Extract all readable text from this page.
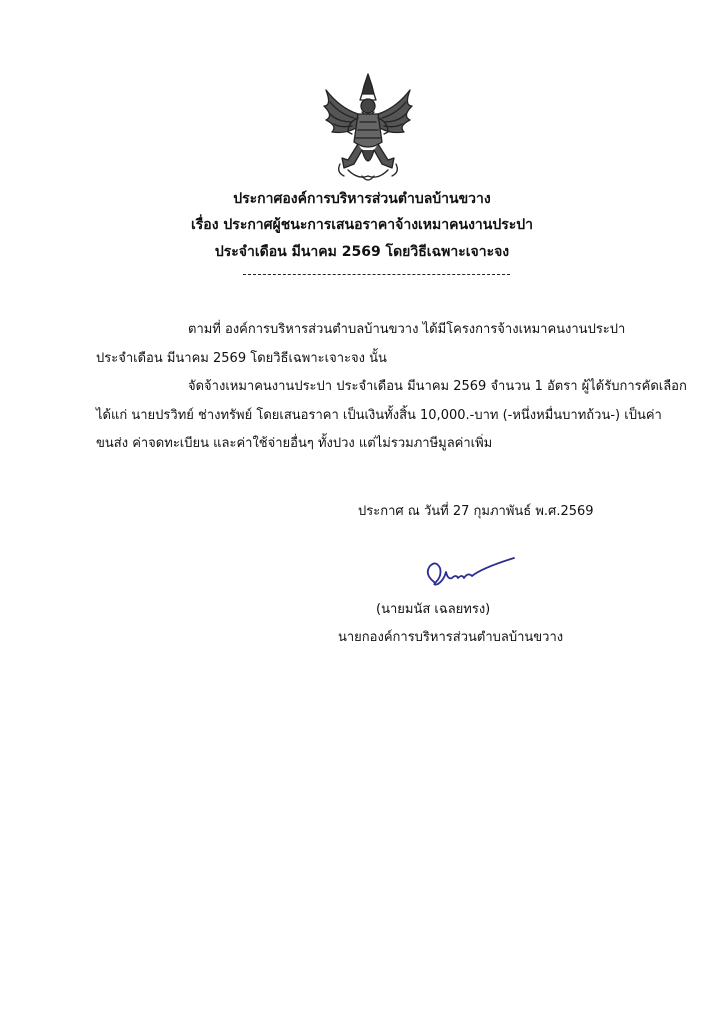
ประกาศองค์การบริหารส่วนตำบลบ้านขวาง
เรื่อง ประกาศผู้ชนะการเสนอราคาจ้างเหมาคนงานประปา
ประจำเดือน มีนาคม 2569 โดยวิธีเฉพาะเจาะจง
ตามที่ องค์การบริหารส่วนตำบลบ้านขวาง ได้มีโครงการจ้างเหมาคนงานประปา
ประจำเดือน มีนาคม 2569 โดยวิธีเฉพาะเจาะจง นั้น
จัดจ้างเหมาคนงานประปา ประจำเดือน มีนาคม 2569 จำนวน 1 อัตรา ผู้ได้รับการคัดเลือก
ได้แก่ นายปรวิทย์ ช่างทรัพย์ โดยเสนอราคา เป็นเงินทั้งสิ้น 10,000.-บาท (-หนึ่งหมื่นบาทถ้วน-) เป็นค่า
ขนส่ง ค่าจดทะเบียน และค่าใช้จ่ายอื่นๆ ทั้งปวง แต่ไม่รวมภาษีมูลค่าเพิ่ม
ประกาศ ณ วันที่ 27 กุมภาพันธ์ พ.ศ.2569
(นายมนัส เฉลยทรง)
นายกองค์การบริหารส่วนตำบลบ้านขวาง
